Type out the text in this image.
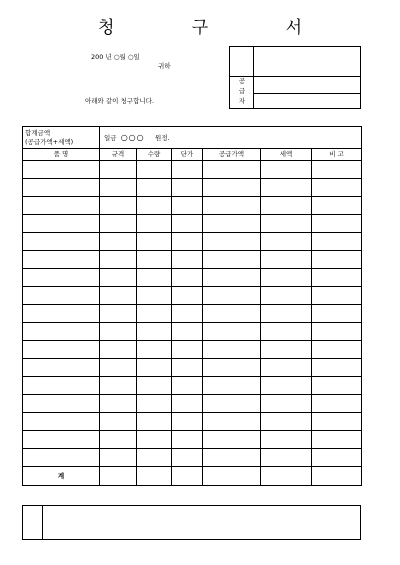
청 구 서
200 년 ○월 ○일
귀하
아래와 같이 청구합니다.
공
급
자
합계금액
(공급가액+세액)	일금 ○○○ 원정.					
품 명	규격	수량	단가	공급가액	세액	비 고

계						
